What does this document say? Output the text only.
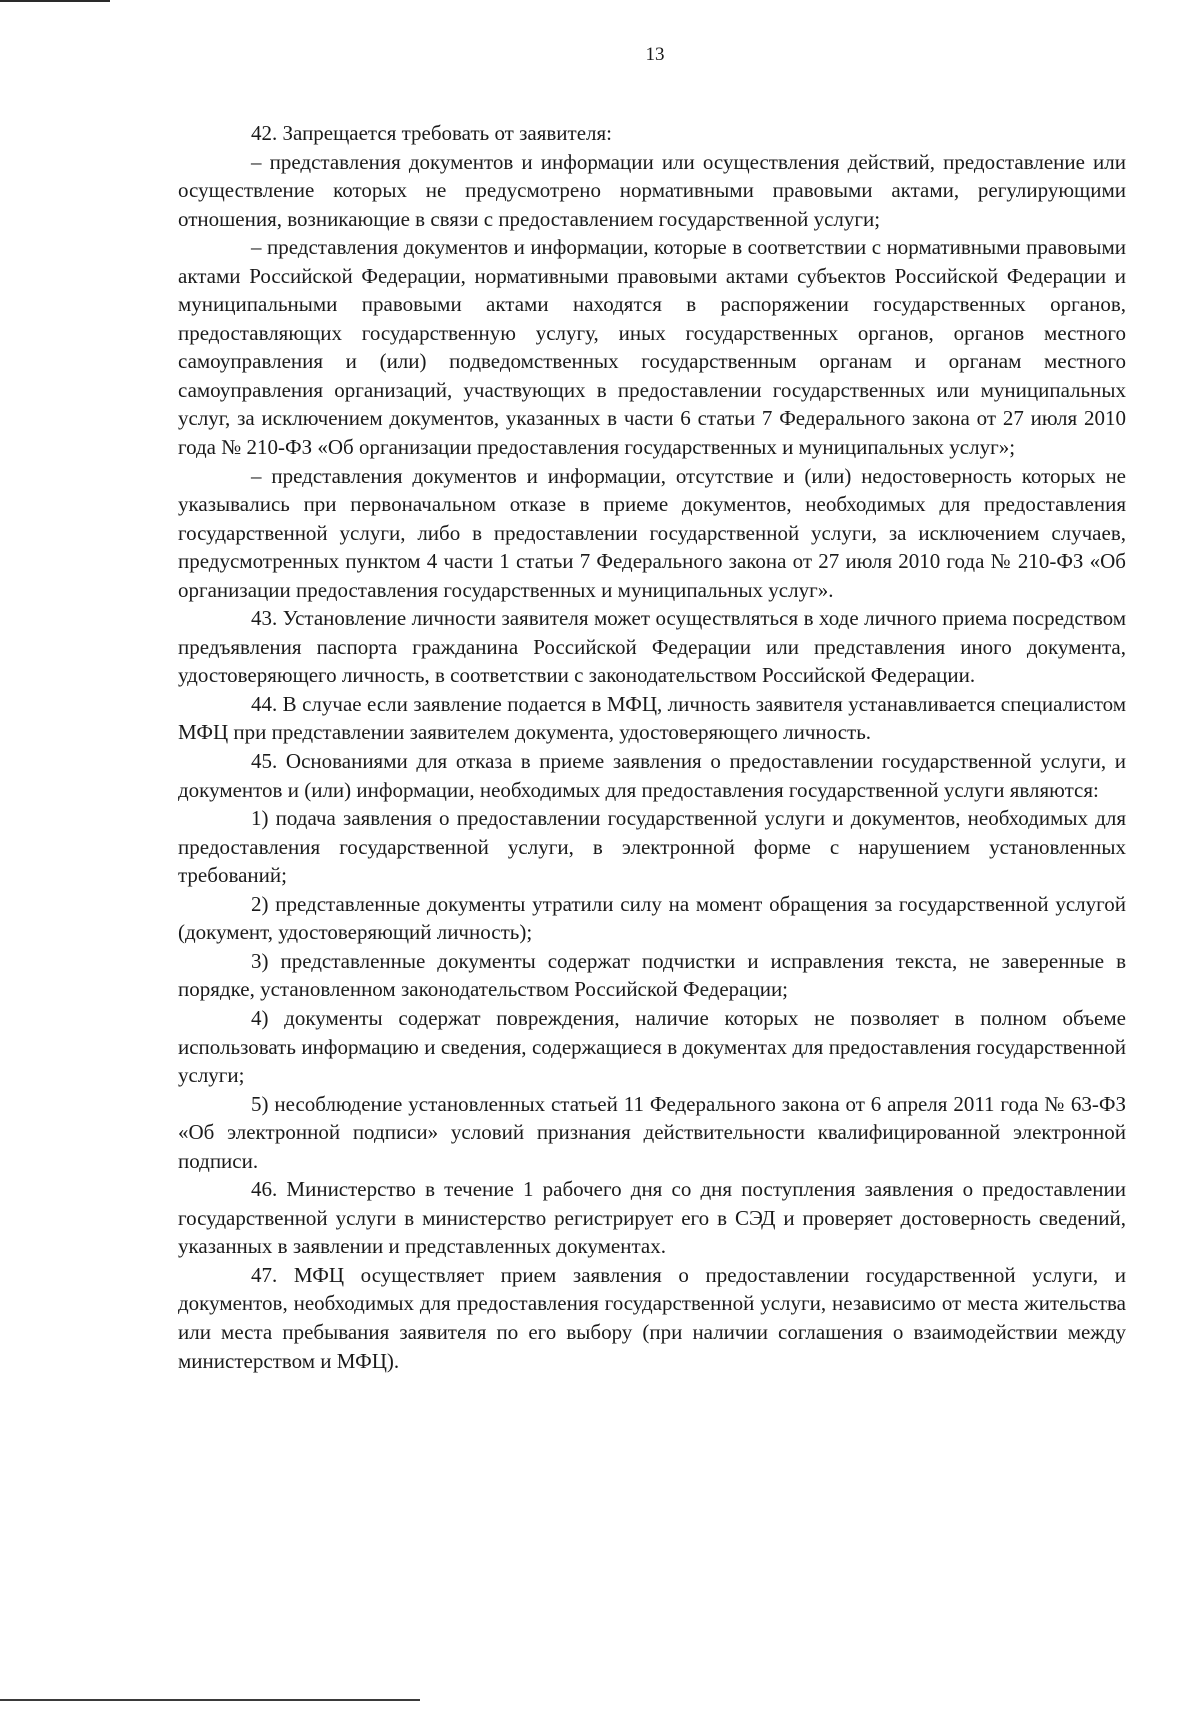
13

42. Запрещается требовать от заявителя:

– представления документов и информации или осуществления действий, предоставление или осуществление которых не предусмотрено нормативными правовыми актами, регулирующими отношения, возникающие в связи с предоставлением государственной услуги;

– представления документов и информации, которые в соответствии с нормативными правовыми актами Российской Федерации, нормативными правовыми актами субъектов Российской Федерации и муниципальными правовыми актами находятся в распоряжении государственных органов, предоставляющих государственную услугу, иных государственных органов, органов местного самоуправления и (или) подведомственных государственным органам и органам местного самоуправления организаций, участвующих в предоставлении государственных или муниципальных услуг, за исключением документов, указанных в части 6 статьи 7 Федерального закона от 27 июля 2010 года № 210-ФЗ «Об организации предоставления государственных и муниципальных услуг»;

– представления документов и информации, отсутствие и (или) недостоверность которых не указывались при первоначальном отказе в приеме документов, необходимых для предоставления государственной услуги, либо в предоставлении государственной услуги, за исключением случаев, предусмотренных пунктом 4 части 1 статьи 7 Федерального закона от 27 июля 2010 года № 210-ФЗ «Об организации предоставления государственных и муниципальных услуг».

43. Установление личности заявителя может осуществляться в ходе личного приема посредством предъявления паспорта гражданина Российской Федерации или представления иного документа, удостоверяющего личность, в соответствии с законодательством Российской Федерации.

44. В случае если заявление подается в МФЦ, личность заявителя устанавливается специалистом МФЦ при представлении заявителем документа, удостоверяющего личность.

45. Основаниями для отказа в приеме заявления о предоставлении государственной услуги, и документов и (или) информации, необходимых для предоставления государственной услуги являются:

1) подача заявления о предоставлении государственной услуги и документов, необходимых для предоставления государственной услуги, в электронной форме с нарушением установленных требований;

2) представленные документы утратили силу на момент обращения за государственной услугой (документ, удостоверяющий личность);

3) представленные документы содержат подчистки и исправления текста, не заверенные в порядке, установленном законодательством Российской Федерации;

4) документы содержат повреждения, наличие которых не позволяет в полном объеме использовать информацию и сведения, содержащиеся в документах для предоставления государственной услуги;

5) несоблюдение установленных статьей 11 Федерального закона от 6 апреля 2011 года № 63-ФЗ «Об электронной подписи» условий признания действительности квалифицированной электронной подписи.

46. Министерство в течение 1 рабочего дня со дня поступления заявления о предоставлении государственной услуги в министерство регистрирует его в СЭД и проверяет достоверность сведений, указанных в заявлении и представленных документах.

47. МФЦ осуществляет прием заявления о предоставлении государственной услуги, и документов, необходимых для предоставления государственной услуги, независимо от места жительства или места пребывания заявителя по его выбору (при наличии соглашения о взаимодействии между министерством и МФЦ).
